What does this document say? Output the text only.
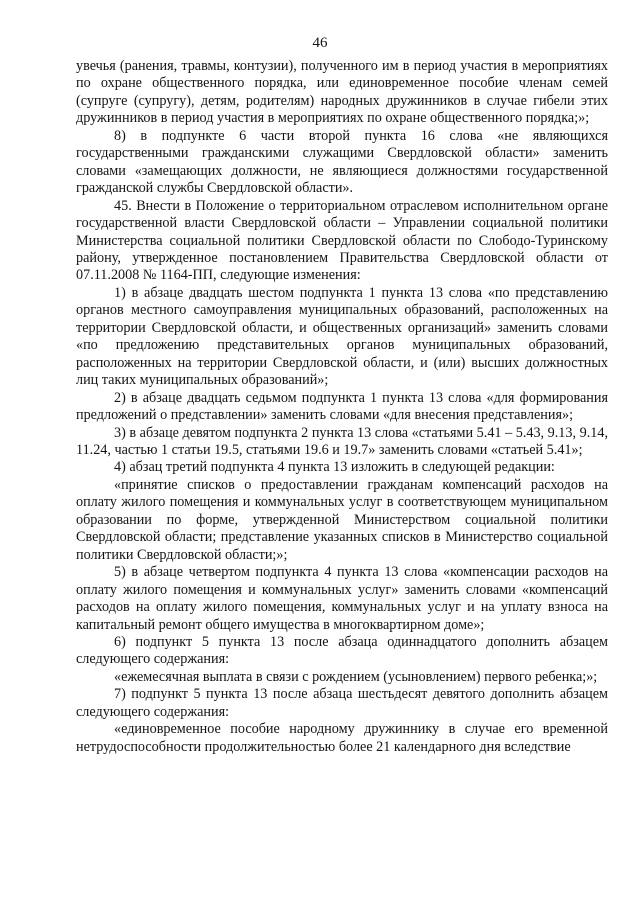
46

увечья (ранения, травмы, контузии), полученного им в период участия в мероприятиях по охране общественного порядка, или единовременное пособие членам семей (супруге (супругу), детям, родителям) народных дружинников в случае гибели этих дружинников в период участия в мероприятиях по охране общественного порядка;»;

8) в подпункте 6 части второй пункта 16 слова «не являющихся государственными гражданскими служащими Свердловской области» заменить словами «замещающих должности, не являющиеся должностями государственной гражданской службы Свердловской области».

45. Внести в Положение о территориальном отраслевом исполнительном органе государственной власти Свердловской области – Управлении социальной политики Министерства социальной политики Свердловской области по Слободо-Туринскому району, утвержденное постановлением Правительства Свердловской области от 07.11.2008 № 1164-ПП, следующие изменения:

1) в абзаце двадцать шестом подпункта 1 пункта 13 слова «по представлению органов местного самоуправления муниципальных образований, расположенных на территории Свердловской области, и общественных организаций» заменить словами «по предложению представительных органов муниципальных образований, расположенных на территории Свердловской области, и (или) высших должностных лиц таких муниципальных образований»;

2) в абзаце двадцать седьмом подпункта 1 пункта 13 слова «для формирования предложений о представлении» заменить словами «для внесения представления»;

3) в абзаце девятом подпункта 2 пункта 13 слова «статьями 5.41 – 5.43, 9.13, 9.14, 11.24, частью 1 статьи 19.5, статьями 19.6 и 19.7» заменить словами «статьей 5.41»;

4) абзац третий подпункта 4 пункта 13 изложить в следующей редакции:

«принятие списков о предоставлении гражданам компенсаций расходов на оплату жилого помещения и коммунальных услуг в соответствующем муниципальном образовании по форме, утвержденной Министерством социальной политики Свердловской области; представление указанных списков в Министерство социальной политики Свердловской области;»;

5) в абзаце четвертом подпункта 4 пункта 13 слова «компенсации расходов на оплату жилого помещения и коммунальных услуг» заменить словами «компенсаций расходов на оплату жилого помещения, коммунальных услуг и на уплату взноса на капитальный ремонт общего имущества в многоквартирном доме»;

6) подпункт 5 пункта 13 после абзаца одиннадцатого дополнить абзацем следующего содержания:

«ежемесячная выплата в связи с рождением (усыновлением) первого ребенка;»;

7) подпункт 5 пункта 13 после абзаца шестьдесят девятого дополнить абзацем следующего содержания:

«единовременное пособие народному дружиннику в случае его временной нетрудоспособности продолжительностью более 21 календарного дня вследствие
